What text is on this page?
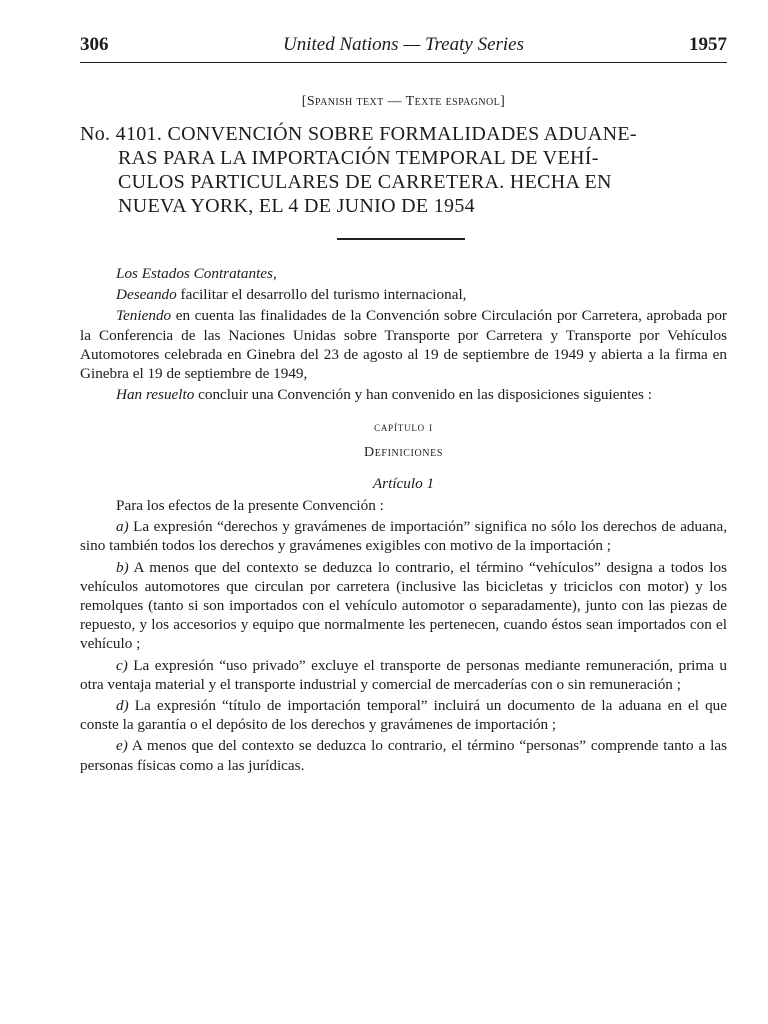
306	United Nations — Treaty Series	1957
[Spanish text — Texte espagnol]
No. 4101. CONVENCIÓN SOBRE FORMALIDADES ADUANE-
RAS PARA LA IMPORTACIÓN TEMPORAL DE VEHÍ-
CULOS PARTICULARES DE CARRETERA. HECHA EN
NUEVA YORK, EL 4 DE JUNIO DE 1954

Los Estados Contratantes,

Deseando facilitar el desarrollo del turismo internacional,

Teniendo en cuenta las finalidades de la Convención sobre Circulación por Carretera, aprobada por la Conferencia de las Naciones Unidas sobre Transporte por Carretera y Transporte por Vehículos Automotores celebrada en Ginebra del 23 de agosto al 19 de septiembre de 1949 y abierta a la firma en Ginebra el 19 de septiembre de 1949,

Han resuelto concluir una Convención y han convenido en las disposiciones siguientes :

capítulo i

Definiciones

Artículo 1

Para los efectos de la presente Convención :

a) La expresión “derechos y gravámenes de importación” significa no sólo los derechos de aduana, sino también todos los derechos y gravámenes exigibles con motivo de la importación ;

b) A menos que del contexto se deduzca lo contrario, el término “vehículos” designa a todos los vehículos automotores que circulan por carretera (inclusive las bicicletas y triciclos con motor) y los remolques (tanto si son importados con el vehículo automotor o separadamente), junto con las piezas de repuesto, y los accesorios y equipo que normalmente les pertenecen, cuando éstos sean importados con el vehículo ;

c) La expresión “uso privado” excluye el transporte de personas mediante remuneración, prima u otra ventaja material y el transporte industrial y comercial de mercaderías con o sin remuneración ;

d) La expresión “título de importación temporal” incluirá un documento de la aduana en el que conste la garantía o el depósito de los derechos y gravámenes de importación ;

e) A menos que del contexto se deduzca lo contrario, el término “personas” comprende tanto a las personas físicas como a las jurídicas.
